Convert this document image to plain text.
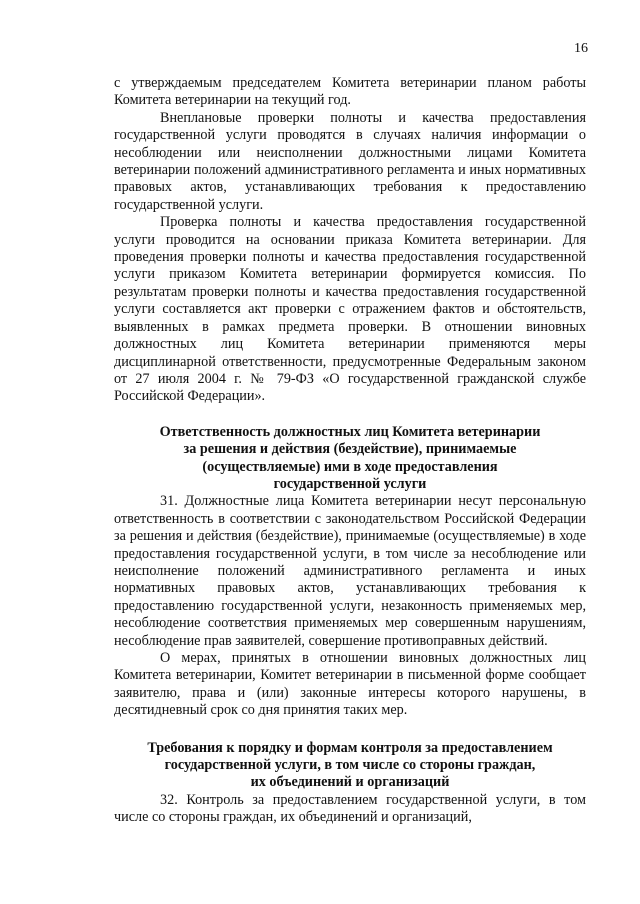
16

с утверждаемым председателем Комитета ветеринарии планом работы Комитета ветеринарии на текущий год.

Внеплановые проверки полноты и качества предоставления государственной услуги проводятся в случаях наличия информации о несоблюдении или неисполнении должностными лицами Комитета ветеринарии положений административного регламента и иных нормативных правовых актов, устанавливающих требования к предоставлению государственной услуги.

Проверка полноты и качества предоставления государственной услуги проводится на основании приказа Комитета ветеринарии. Для проведения проверки полноты и качества предоставления государственной услуги приказом Комитета ветеринарии формируется комиссия. По результатам проверки полноты и качества предоставления государственной услуги составляется акт проверки с отражением фактов и обстоятельств, выявленных в рамках предмета проверки. В отношении виновных должностных лиц Комитета ветеринарии применяются меры дисциплинарной ответственности, предусмотренные Федеральным законом от 27 июля 2004 г. № 79-ФЗ «О государственной гражданской службе Российской Федерации».

Ответственность должностных лиц Комитета ветеринарии
за решения и действия (бездействие), принимаемые
(осуществляемые) ими в ходе предоставления
государственной услуги

31. Должностные лица Комитета ветеринарии несут персональную ответственность в соответствии с законодательством Российской Федерации за решения и действия (бездействие), принимаемые (осуществляемые) в ходе предоставления государственной услуги, в том числе за несоблюдение или неисполнение положений административного регламента и иных нормативных правовых актов, устанавливающих требования к предоставлению государственной услуги, незаконность применяемых мер, несоблюдение соответствия применяемых мер совершенным нарушениям, несоблюдение прав заявителей, совершение противоправных действий.

О мерах, принятых в отношении виновных должностных лиц Комитета ветеринарии, Комитет ветеринарии в письменной форме сообщает заявителю, права и (или) законные интересы которого нарушены, в десятидневный срок со дня принятия таких мер.

Требования к порядку и формам контроля за предоставлением
государственной услуги, в том числе со стороны граждан,
их объединений и организаций

32. Контроль за предоставлением государственной услуги, в том числе со стороны граждан, их объединений и организаций,
